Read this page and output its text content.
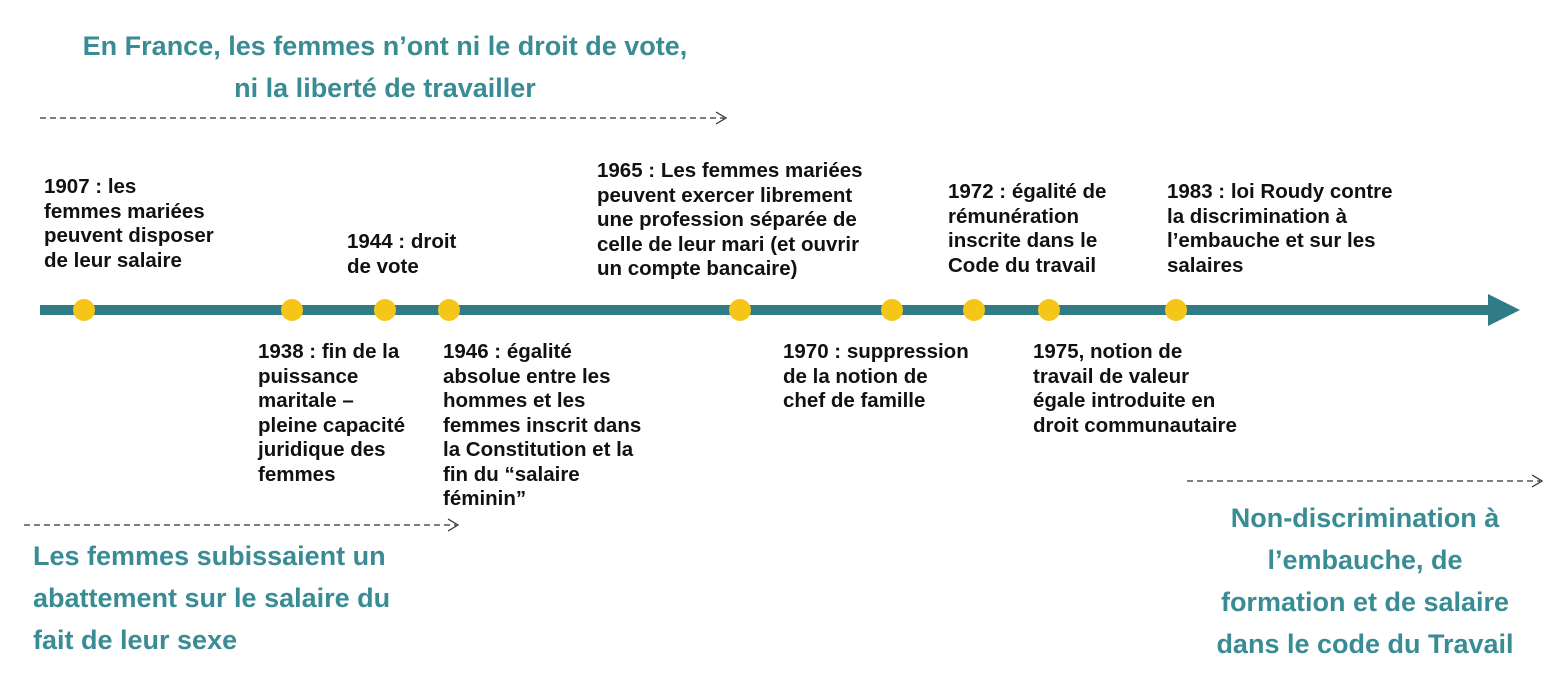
En France, les femmes n’ont ni le droit de vote,
ni la liberté de travailler
Les femmes subissaient un
abattement sur le salaire du
fait de leur sexe
Non-discrimination à
l’embauche, de
formation et de salaire
dans le code du Travail

1907 : les
femmes mariées
peuvent disposer
de leur salaire

1938 : fin de la
puissance
maritale –
pleine capacité
juridique des
femmes

1944 : droit
de vote

1946 : égalité
absolue entre les
hommes et les
femmes inscrit dans
la Constitution et la
fin du “salaire
féminin”

1965 : Les femmes mariées
peuvent exercer librement
une profession séparée de
celle de leur mari (et ouvrir
un compte bancaire)

1970 : suppression
de la notion de
chef de famille

1972 : égalité de
rémunération
inscrite dans le
Code du travail

1975, notion de
travail de valeur
égale introduite en
droit communautaire

1983 : loi Roudy contre
la discrimination à
l’embauche et sur les
salaires
